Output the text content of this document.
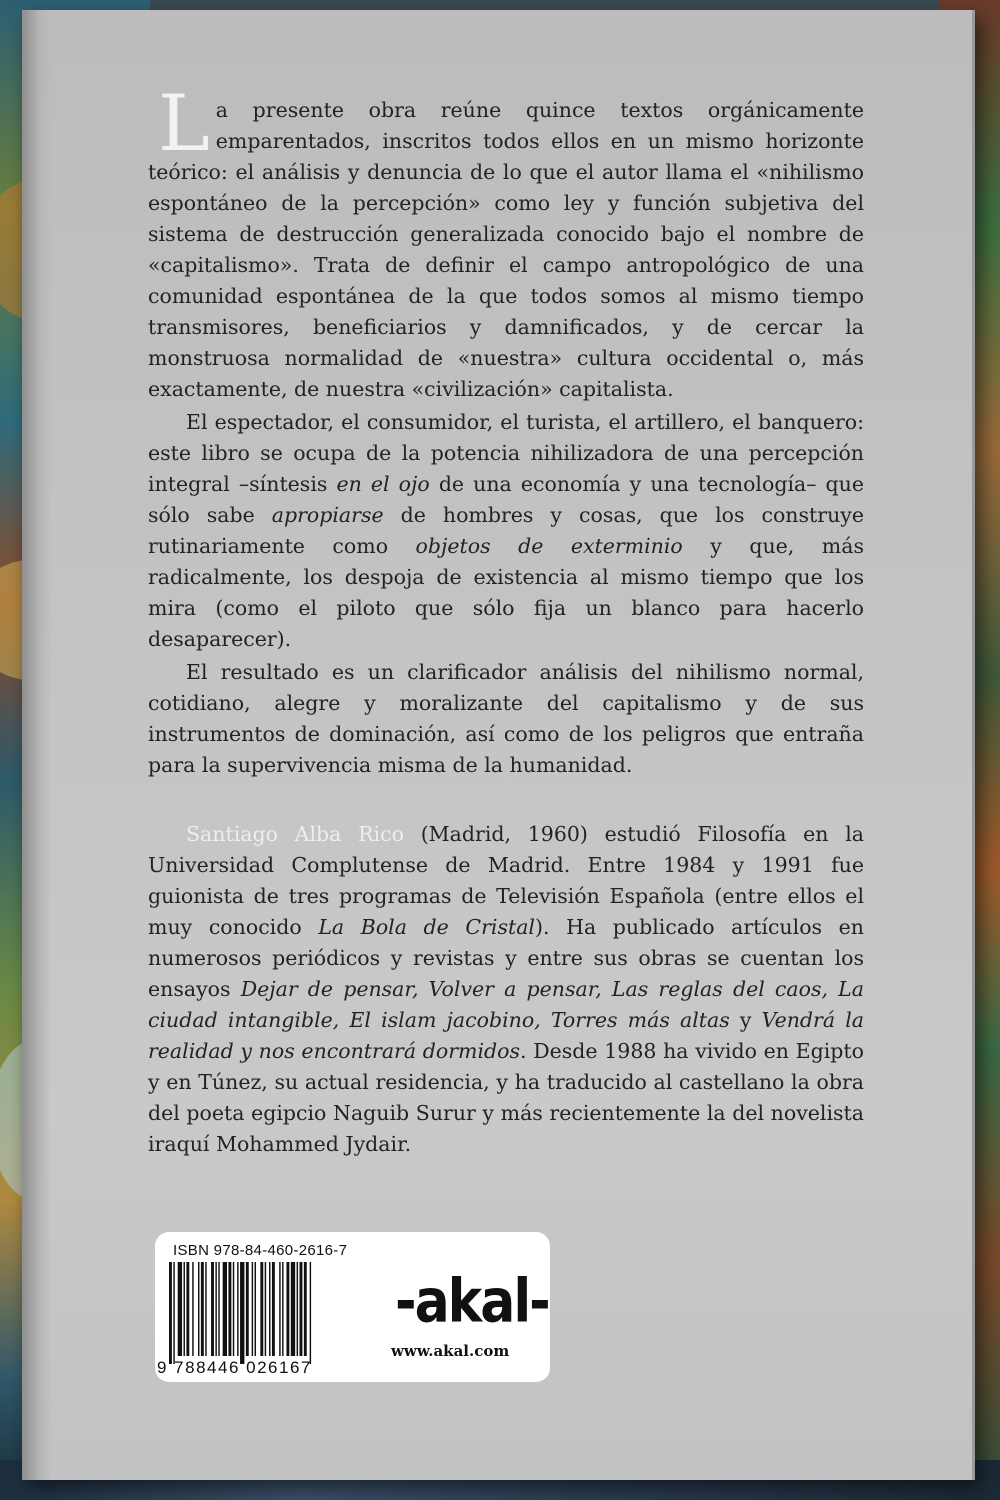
La presente obra reúne quince textos orgánicamente emparentados, inscritos todos ellos en un mismo horizonte teórico: el análisis y denuncia de lo que el autor llama el «nihilismo espontáneo de la percepción» como ley y función subjetiva del sistema de destrucción generalizada conocido bajo el nombre de «capitalismo». Trata de definir el campo antropológico de una comunidad espontánea de la que todos somos al mismo tiempo transmisores, beneficiarios y damnificados, y de cercar la monstruosa normalidad de «nuestra» cultura occidental o, más exactamente, de nuestra «civilización» capitalista.

El espectador, el consumidor, el turista, el artillero, el banquero: este libro se ocupa de la potencia nihilizadora de una percepción integral –síntesis en el ojo de una economía y una tecnología– que sólo sabe apropiarse de hombres y cosas, que los construye rutinariamente como objetos de exterminio y que, más radicalmente, los despoja de existencia al mismo tiempo que los mira (como el piloto que sólo fija un blanco para hacerlo desaparecer).

El resultado es un clarificador análisis del nihilismo normal, cotidiano, alegre y moralizante del capitalismo y de sus instrumentos de dominación, así como de los peligros que entraña para la supervivencia misma de la humanidad.

Santiago Alba Rico (Madrid, 1960) estudió Filosofía en la Universidad Complutense de Madrid. Entre 1984 y 1991 fue guionista de tres programas de Televisión Española (entre ellos el muy conocido La Bola de Cristal). Ha publicado artículos en numerosos periódicos y revistas y entre sus obras se cuentan los ensayos Dejar de pensar, Volver a pensar, Las reglas del caos, La ciudad intangible, El islam jacobino, Torres más altas y Vendrá la realidad y nos encontrará dormidos. Desde 1988 ha vivido en Egipto y en Túnez, su actual residencia, y ha traducido al castellano la obra del poeta egipcio Naguib Surur y más recientemente la del novelista iraquí Mohammed Jydair.

ISBN 978-84-460-2616-7
9 788446 026167
-akal-
www.akal.com
